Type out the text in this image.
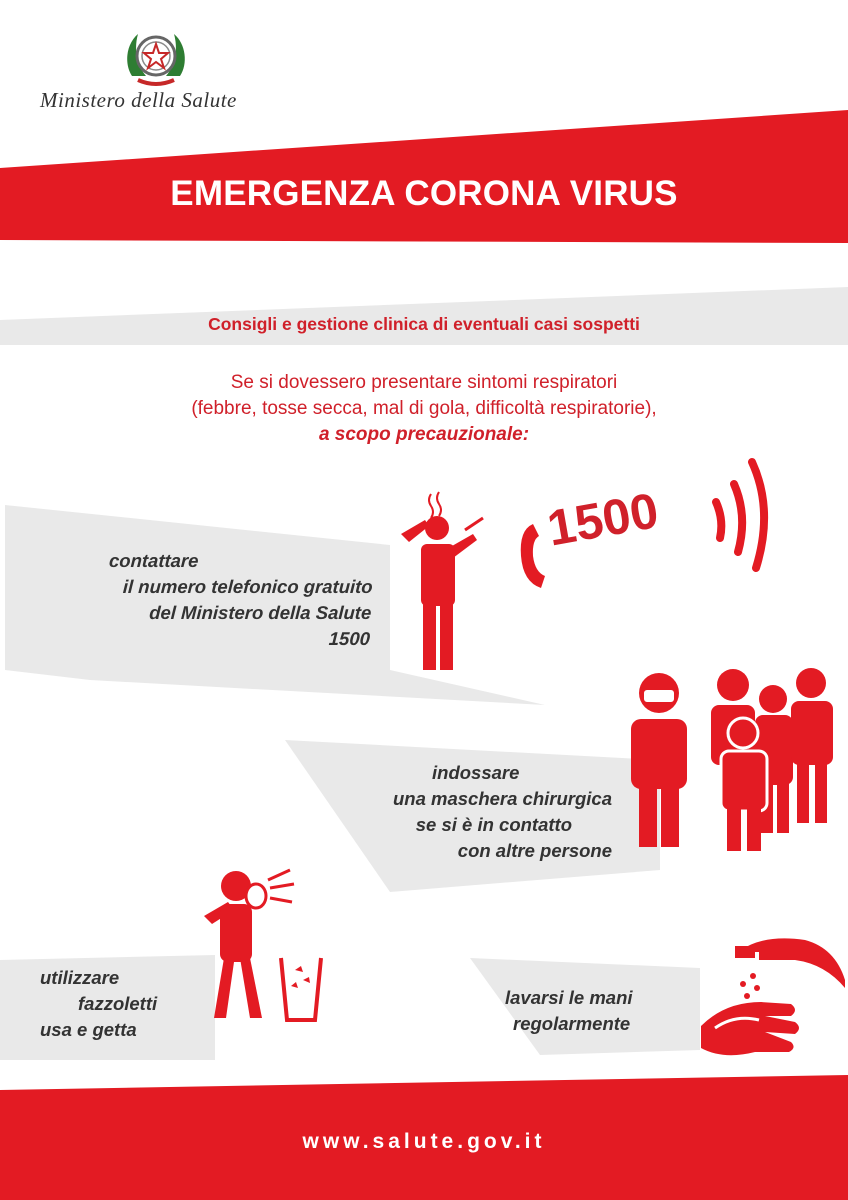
Ministero della Salute
EMERGENZA CORONA VIRUS
Consigli e gestione clinica di eventuali casi sospetti
Se si dovessero presentare sintomi respiratori
(febbre, tosse secca, mal di gola, difficoltà respiratorie),
a scopo precauzionale:
contattare
il numero telefonico gratuito
del Ministero della Salute
1500
1500
indossare
una maschera chirurgica
se si è in contatto
con altre persone
utilizzare
fazzoletti
usa e getta
lavarsi le mani
regolarmente
www.salute.gov.it
